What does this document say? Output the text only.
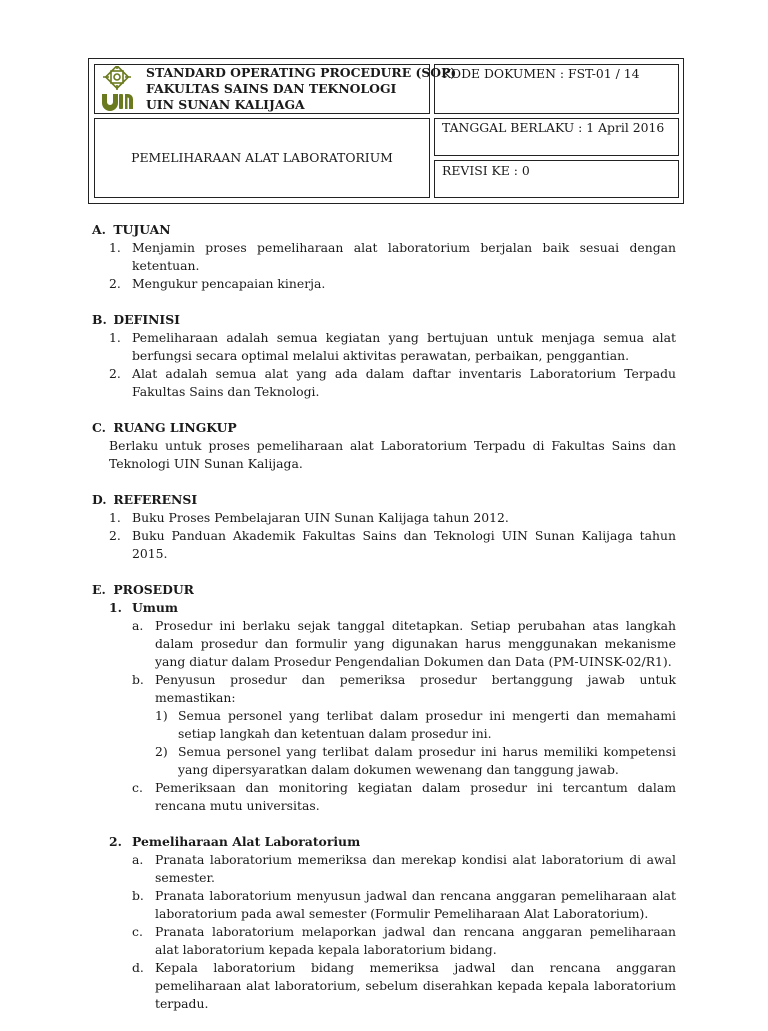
STANDARD OPERATING PROCEDURE (SOP)
FAKULTAS SAINS DAN TEKNOLOGI
UIN SUNAN KALIJAGA
PEMELIHARAAN ALAT LABORATORIUM
KODE DOKUMEN : FST-01 / 14
TANGGAL BERLAKU : 1 April 2016
REVISI KE : 0

A. TUJUAN

1. Menjamin proses pemeliharaan alat laboratorium berjalan baik sesuai dengan ketentuan.
2. Mengukur pencapaian kinerja.

B. DEFINISI

1. Pemeliharaan adalah semua kegiatan yang bertujuan untuk menjaga semua alat berfungsi secara optimal melalui aktivitas perawatan, perbaikan, penggantian.
2. Alat adalah semua alat yang ada dalam daftar inventaris Laboratorium Terpadu Fakultas Sains dan Teknologi.

C. RUANG LINGKUP

Berlaku untuk proses pemeliharaan alat Laboratorium Terpadu di Fakultas Sains dan Teknologi UIN Sunan Kalijaga.

D. REFERENSI

1. Buku Proses Pembelajaran UIN Sunan Kalijaga tahun 2012.
2. Buku Panduan Akademik Fakultas Sains dan Teknologi UIN Sunan Kalijaga tahun 2015.

E. PROSEDUR

1. Umum
a. Prosedur ini berlaku sejak tanggal ditetapkan. Setiap perubahan atas langkah dalam prosedur dan formulir yang digunakan harus menggunakan mekanisme yang diatur dalam Prosedur Pengendalian Dokumen dan Data (PM-UINSK-02/R1).
b. Penyusun prosedur dan pemeriksa prosedur bertanggung jawab untuk memastikan:
1) Semua personel yang terlibat dalam prosedur ini mengerti dan memahami setiap langkah dan ketentuan dalam prosedur ini.
2) Semua personel yang terlibat dalam prosedur ini harus memiliki kompetensi yang dipersyaratkan dalam dokumen wewenang dan tanggung jawab.
c. Pemeriksaan dan monitoring kegiatan dalam prosedur ini tercantum dalam rencana mutu universitas.
2. Pemeliharaan Alat Laboratorium
a. Pranata laboratorium memeriksa dan merekap kondisi alat laboratorium di awal semester.
b. Pranata laboratorium menyusun jadwal dan rencana anggaran pemeliharaan alat laboratorium pada awal semester (Formulir Pemeliharaan Alat Laboratorium).
c. Pranata laboratorium melaporkan jadwal dan rencana anggaran pemeliharaan alat laboratorium kepada kepala laboratorium bidang.
d. Kepala laboratorium bidang memeriksa jadwal dan rencana anggaran pemeliharaan alat laboratorium, sebelum diserahkan kepada kepala laboratorium terpadu.
